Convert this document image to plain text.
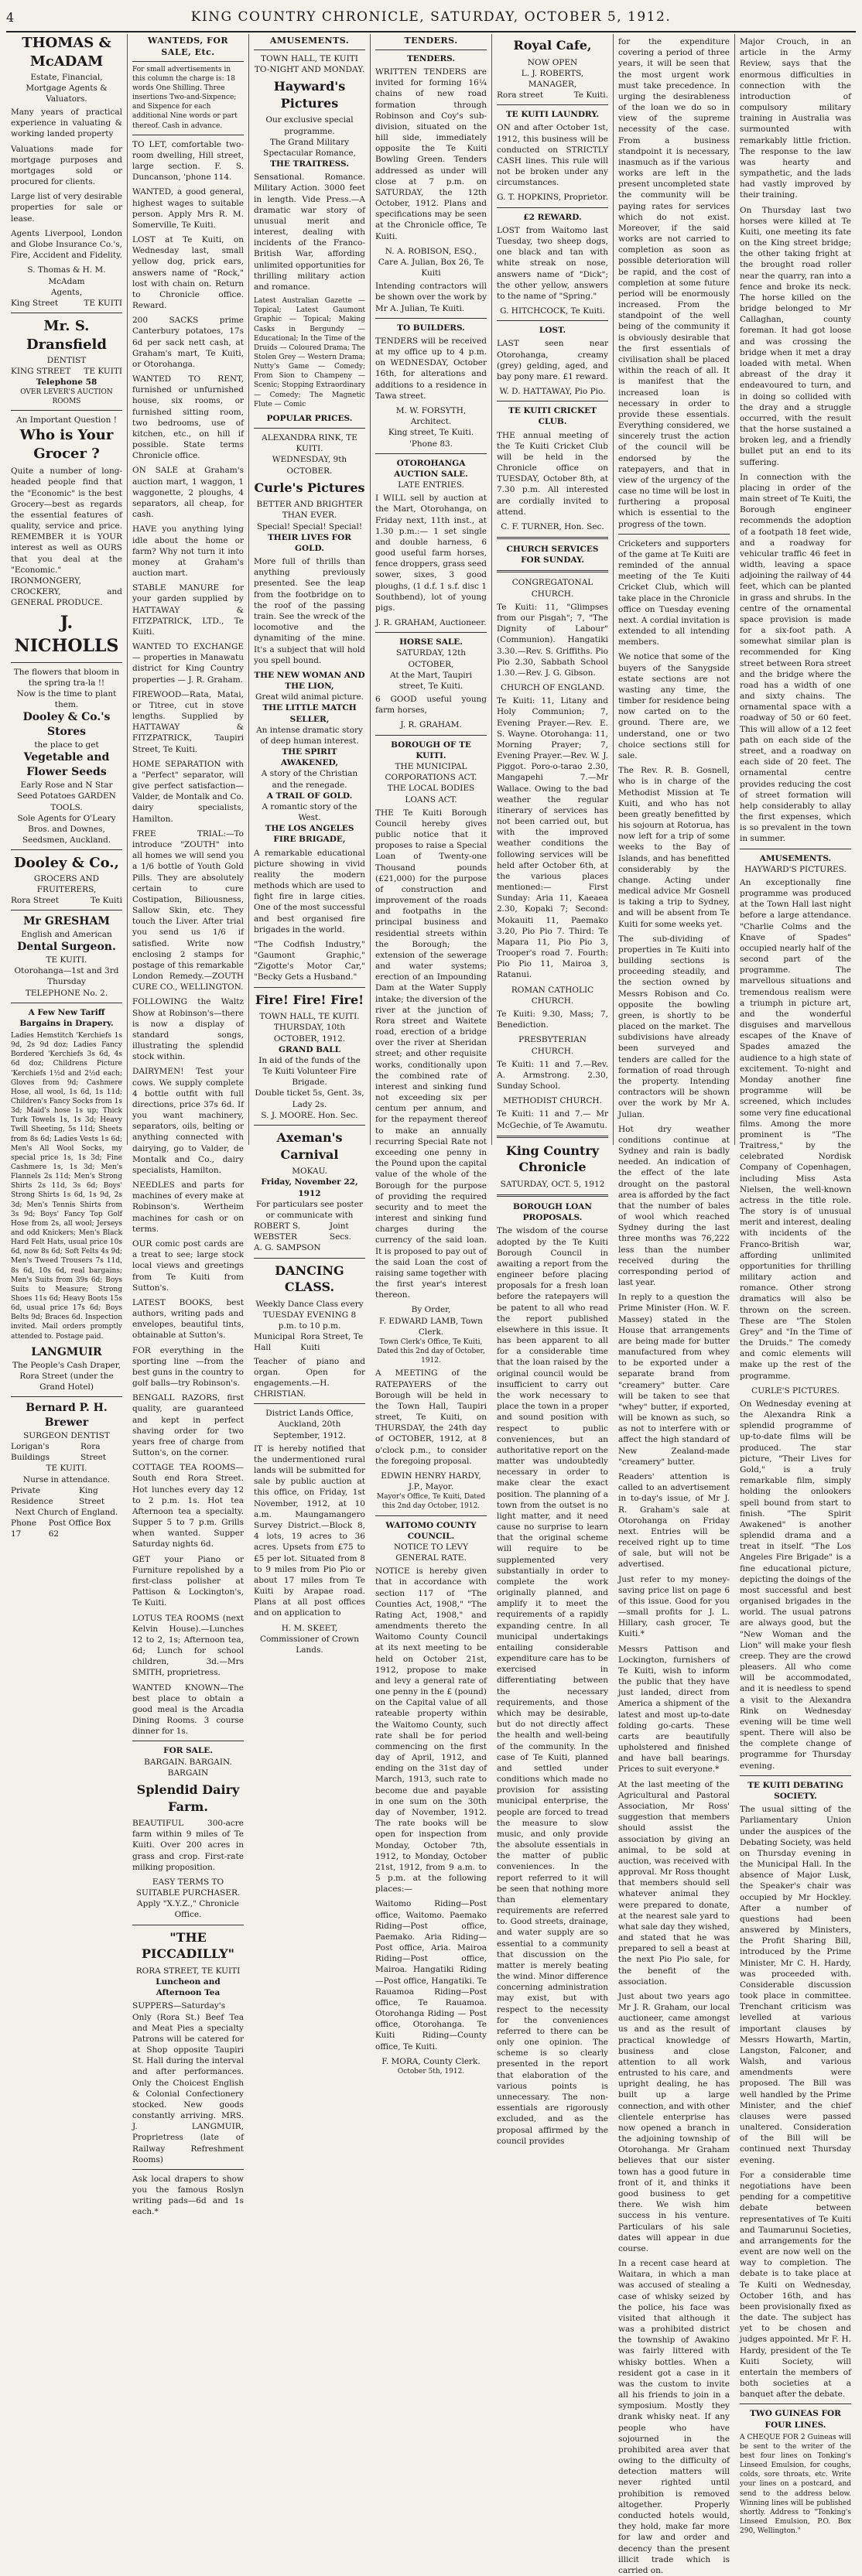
4	KING COUNTRY CHRONICLE, SATURDAY, OCTOBER 5, 1912.
THOMAS & McADAM
Estate, Financial, Mortgage Agents & Valuators.
Many years of practical experience in valuating & working landed property
Valuations made for mortgage purposes and mortgages sold or procured for clients.
Large list of very desirable properties for sale or lease.
Agents Liverpool, London and Globe Insurance Co.'s, Fire, Accident and Fidelity.
S. Thomas & H. M. McAdam
Agents,
King Street	TE KUITI
Mr. S. Dransfield
DENTIST
KING STREET TE KUITI
Telephone 58
OVER LEVER'S AUCTION ROOMS
An Important Question !
Who is Your Grocer ?
Quite a number of long-headed people find that the "Economic" is the best Grocery—best as regards the essential features of quality, service and price. REMEMBER it is YOUR interest as well as OURS that you deal at the "Economic." IRONMONGERY, CROCKERY, and GENERAL PRODUCE.
J. NICHOLLS
The flowers that bloom in the spring tra-la !!
Now is the time to plant them.
Dooley & Co.'s Stores
the place to get
Vegetable and Flower Seeds
Early Rose and N Star Seed Potatoes GARDEN TOOLS.
Sole Agents for O'Leary Bros. and Downes, Seedsmen, Auckland.
Dooley & Co.,
GROCERS AND FRUITERERS,
Rora Street	Te Kuiti
Mr GRESHAM
English and American
Dental Surgeon.
TE KUITI.
Otorohanga—1st and 3rd Thursday
TELEPHONE No. 2.
A Few New Tariff Bargains in Drapery.
Ladies Hemstitch 'Kerchiefs 1s 9d, 2s 9d doz; Ladies Fancy Bordered 'Kerchiefs 3s 6d, 4s 6d doz; Childrens Picture 'Kerchiefs 1½d and 2½d each; Gloves from 9d; Cashmere Hose, all wool, 1s 6d, 1s 11d; Children's Fancy Socks from 1s 3d; Maid's hose 1s up; Thick Turk Towels 1s, 1s 3d; Heavy Twill Sheeting, 5s 11d; Sheets from 8s 6d; Ladies Vests 1s 6d; Men's All Wool Socks, my special price 1s, 1s 3d; Fine Cashmere 1s, 1s 3d; Men's Flannels 2s 11d; Men's Strong Shirts 2s 11d, 3s 6d; Boys' Strong Shirts 1s 6d, 1s 9d, 2s 3d; Men's Tennis Shirts from 3s 9d; Boys' Fancy Top Golf Hose from 2s, all wool; Jerseys and odd Knickers; Men's Black Hard Felt Hats, usual price 10s 6d, now 8s 6d; Soft Felts 4s 9d; Men's Tweed Trousers 7s 11d, 8s 6d, 10s 6d, real bargains; Men's Suits from 39s 6d; Boys Suits to Measure; Strong Shoes 11s 6d; Heavy Boots 15s 6d, usual price 17s 6d; Boys Belts 9d; Braces 6d. Inspection invited. Mail orders promptly attended to. Postage paid.
LANGMUIR
The People's Cash Draper,
Rora Street (under the Grand Hotel)
Bernard P. H. Brewer
SURGEON DENTIST
Lorigan's Buildings
Rora Street
TE KUITI.
Nurse in attendance.
Private Residence
King Street
Next Church of England.
Phone 17
Post Office Box 62
WANTEDS, FOR SALE, Etc.
For small advertisements in this column the charge is: 18 words One Shilling. Three insertions Two-and-Sixpence; and Sixpence for each additional Nine words or part thereof. Cash in advance.
TO LET, comfortable two-room dwelling, Hill street, large section. F. S. Duncanson, 'phone 114.
WANTED, a good general, highest wages to suitable person. Apply Mrs R. M. Somerville, Te Kuiti.
LOST at Te Kuiti, on Wednesday last, small yellow dog, prick ears, answers name of "Rock," lost with chain on. Return to Chronicle office. Reward.
200 SACKS prime Canterbury potatoes, 17s 6d per sack nett cash, at Graham's mart, Te Kuiti, or Otorohanga.
WANTED TO RENT, furnished or unfurnished house, six rooms, or furnished sitting room, two bedrooms, use of kitchen, etc., on hill if possible. State terms Chronicle office.
ON SALE at Graham's auction mart, 1 waggon, 1 waggonette, 2 ploughs, 4 separators, all cheap, for cash.
HAVE you anything lying idle about the home or farm? Why not turn it into money at Graham's auction mart.
STABLE MANURE for your garden supplied by HATTAWAY & FITZPATRICK, LTD., Te Kuiti.
WANTED TO EXCHANGE — properties in Manawatu district for King Country properties — J. R. Graham.
FIREWOOD—Rata, Matai, or Titree, cut in stove lengths. Supplied by HATTAWAY & FITZPATRICK, Taupiri Street, Te Kuiti.
HOME SEPARATION with a "Perfect" separator, will give perfect satisfaction—Valder, de Montalk and Co. dairy specialists, Hamilton.
FREE TRIAL:—To introduce "ZOUTH" into all homes we will send you a 1/6 bottle of Youth Gold Pills. They are absolutely certain to cure Costipation, Biliousness, Sallow Skin, etc. They touch the Liver. After trial you send us 1/6 if satisfied. Write now enclosing 2 stamps for postage of this remarkable London Remedy.—ZOUTH CURE CO., WELLINGTON.
FOLLOWING the Waltz Show at Robinson's—there is now a display of standard songs, illustrating the splendid stock within.
DAIRYMEN! Test your cows. We supply complete 4 bottle outfit with full directions, price 37s 6d. If you want machinery, separators, oils, belting or anything connected with dairying, go to Valder, de Montalk and Co., dairy specialists, Hamilton.
NEEDLES and parts for machines of every make at Robinson's. Wertheim machines for cash or on terms.
OUR comic post cards are a treat to see; large stock local views and greetings from Te Kuiti from Sutton's.
LATEST BOOKS, best authors, writing pads and envelopes, beautiful tints, obtainable at Sutton's.
FOR everything in the sporting line —from the best guns in the country to golf balls—try Robinson's.
BENGALL RAZORS, first quality, are guaranteed and kept in perfect shaving order for two years free of charge from Sutton's, on the corner.
COTTAGE TEA ROOMS—South end Rora Street. Hot lunches every day 12 to 2 p.m. 1s. Hot tea Afternoon tea a specialty. Supper 5 to 7 p.m. Grills when wanted. Supper Saturday nights 6d.
GET your Piano or Furniture repolished by a first-class polisher at Pattison & Lockington's, Te Kuiti.
LOTUS TEA ROOMS (next Kelvin House).—Lunches 12 to 2, 1s; Afternoon tea, 6d; Lunch for school children, 3d.—Mrs SMITH, proprietress.
WANTED KNOWN—The best place to obtain a good meal is the Arcadia Dining Rooms. 3 course dinner for 1s.
FOR SALE.
BARGAIN. BARGAIN. BARGAIN
Splendid Dairy Farm.
BEAUTIFUL 300-acre farm within 9 miles of Te Kuiti. Over 200 acres in grass and crop. First-rate milking proposition.
EASY TERMS TO SUITABLE PURCHASER.
Apply "X.Y.Z.," Chronicle Office.
"THE PICCADILLY"
RORA STREET, TE KUITI
Luncheon and Afternoon Tea
SUPPERS—Saturday's Only (Rora St.) Beef Tea and Meat Pies a specialty Patrons will be catered for at Shop opposite Taupiri St. Hall during the interval and after performances. Only the Choicest English & Colonial Confectionery stocked. New goods constantly arriving. MRS. J. LANGMUIR, Proprietress (late of Railway Refreshment Rooms)
Ask local drapers to show you the famous Roslyn writing pads—6d and 1s each.*
AMUSEMENTS.
TOWN HALL, TE KUITI
TO-NIGHT AND MONDAY.
Hayward's Pictures
Our exclusive special programme.
The Grand Military Spectacular Romance,
THE TRAITRESS.
Sensational. Romance. Military Action. 3000 feet in length. Vide Press.—A dramatic war story of unusual merit and interest, dealing with incidents of the Franco-British War, affording unlimited opportunities for thrilling military action and romance.
Latest Australian Gazette — Topical; Latest Gaumont Graphic — Topical; Making Casks in Bergundy — Educational; In the Time of the Druids — Coloured Drama; The Stolen Grey — Western Drama; Nutty's Game — Comedy; From Sion to Champeny — Scenic; Stopping Extraordinary — Comedy; The Magnetic Flute — Comic
POPULAR PRICES.
ALEXANDRA RINK, TE KUITI.
WEDNESDAY, 9th OCTOBER.
Curle's Pictures
BETTER AND BRIGHTER THAN EVER.
Special! Special! Special!
THEIR LIVES FOR GOLD.
More full of thrills than anything previously presented. See the leap from the footbridge on to the roof of the passing train. See the wreck of the locomotive and the dynamiting of the mine. It's a subject that will hold you spell bound.
THE NEW WOMAN AND THE LION,
Great wild animal picture.
THE LITTLE MATCH SELLER,
An intense dramatic story of deep human interest.
THE SPIRIT AWAKENED,
A story of the Christian and the renegade.
A TRAIL OF GOLD.
A romantic story of the West.
THE LOS ANGELES FIRE BRIGADE,
A remarkable educational picture showing in vivid reality the modern methods which are used to fight fire in large cities. One of the most successful and best organised fire brigades in the world.
"The Codfish Industry," "Gaumont Graphic," "Zigotte's Motor Car," "Becky Gets a Husband."
Fire! Fire! Fire!
TOWN HALL, TE KUITI.
THURSDAY, 10th OCTOBER, 1912.
GRAND BALL
In aid of the funds of the Te Kuiti Volunteer Fire Brigade.
Double ticket 5s, Gent. 3s, Lady 2s.
S. J. MOORE. Hon. Sec.
Axeman's Carnival
MOKAU.
Friday, November 22, 1912
For particulars see poster or communicate with
ROBERT S. WEBSTER
A. G. SAMPSON
Joint Secs.
DANCING CLASS.
Weekly Dance Class every TUESDAY EVENING 8 p.m. to 10 p.m.
Municipal Hall
Rora Street, Te Kuiti
Teacher of piano and organ. Open for engagements.—H. CHRISTIAN.
District Lands Office, Auckland, 20th September, 1912.
IT is hereby notified that the undermentioned rural lands will be submitted for sale by public auction at this office, on Friday, 1st November, 1912, at 10 a.m. Maungamangero Survey District.—Block 8, 4 lots, 19 acres to 36 acres. Upsets from £75 to £5 per lot. Situated from 8 to 9 miles from Pio Pio or about 17 miles from Te Kuiti by Arapae road. Plans at all post offices and on application to
H. M. SKEET, Commissioner of Crown Lands.
TENDERS.
TENDERS.
WRITTEN TENDERS are invited for forming 16¼ chains of new road formation through Robinson and Coy's sub-division, situated on the hill side, immediately opposite the Te Kuiti Bowling Green. Tenders addressed as under will close at 7 p.m. on SATURDAY, the 12th October, 1912. Plans and specifications may be seen at the Chronicle office, Te Kuiti.
N. A. ROBISON, ESQ., Care A. Julian, Box 26, Te Kuiti
Intending contractors will be shown over the work by Mr A. Julian, Te Kuiti.
TO BUILDERS.
TENDERS will be received at my office up to 4 p.m. on WEDNESDAY, October 16th, for alterations and additions to a residence in Tawa street.
M. W. FORSYTH, Architect.
King street, Te Kuiti. 'Phone 83.
OTOROHANGA AUCTION SALE.
LATE ENTRIES.
I WILL sell by auction at the Mart, Otorohanga, on Friday next, 11th inst., at 1.30 p.m.:— 1 set single and double harness, 6 good useful farm horses, fence droppers, grass seed sower, sixes, 3 good ploughs, (1 d.f. 1 s.f. disc 1 Southbend), lot of young pigs.
J. R. GRAHAM, Auctioneer.
HORSE SALE.
SATURDAY, 12th OCTOBER,
At the Mart, Taupiri street, Te Kuiti.
6 GOOD useful young farm horses,
J. R. GRAHAM.
BOROUGH OF TE KUITI.
THE MUNICIPAL CORPORATIONS ACT.
THE LOCAL BODIES LOANS ACT.
THE Te Kuiti Borough Council hereby gives public notice that it proposes to raise a Special Loan of Twenty-one Thousand pounds (£21,000) for the purpose of construction and improvement of the roads and footpaths in the principal business and residential streets within the Borough; the extension of the sewerage and water systems; erection of an Impounding Dam at the Water Supply intake; the diversion of the river at the junction of Rora street and Waitete road, erection of a bridge over the river at Sheridan street; and other requisite works, conditionally upon the combined rate of interest and sinking fund not exceeding six per centum per annum, and for the repayment thereof to make an annually recurring Special Rate not exceeding one penny in the Pound upon the capital value of the whole of the Borough for the purpose of providing the required security and to meet the interest and sinking fund charges during the currency of the said loan. It is proposed to pay out of the said Loan the cost of raising same together with the first year's interest thereon.
By Order,
F. EDWARD LAMB, Town Clerk.
Town Clerk's Office, Te Kuiti, Dated this 2nd day of October, 1912.
A MEETING of the RATEPAYERS of the Borough will be held in the Town Hall, Taupiri street, Te Kuiti, on THURSDAY, the 24th day of OCTOBER, 1912, at 8 o'clock p.m., to consider the foregoing proposal.
EDWIN HENRY HARDY, J.P., Mayor.
Mayor's Office, Te Kuiti, Dated this 2nd day October, 1912.
WAITOMO COUNTY COUNCIL.
NOTICE TO LEVY GENERAL RATE.
NOTICE is hereby given that in accordance with section 117 of "The Counties Act, 1908," "The Rating Act, 1908," and amendments thereto the Waitomo County Council at its next meeting to be held on October 21st, 1912, propose to make and levy a general rate of one penny in the £ (pound) on the Capital value of all rateable property within the Waitomo County, such rate shall be for period commencing on the first day of April, 1912, and ending on the 31st day of March, 1913, such rate to become due and payable in one sum on the 30th day of November, 1912. The rate books will be open for inspection from Monday, October 7th, 1912, to Monday, October 21st, 1912, from 9 a.m. to 5 p.m. at the following places:—
Waitomo Riding—Post office, Waitomo. Paemako Riding—Post office, Paemako. Aria Riding—Post office, Aria. Mairoa Riding—Post office, Mairoa. Hangatiki Riding—Post office, Hangatiki. Te Rauamoa Riding—Post office, Te Rauamoa. Otorohanga Riding — Post office, Otorohanga. Te Kuiti Riding—County office, Te Kuiti.
F. MORA, County Clerk.
October 5th, 1912.
Royal Cafe,
NOW OPEN
L. J. ROBERTS, MANAGER,
Rora street	Te Kuiti.
TE KUITI LAUNDRY.
ON and after October 1st, 1912, this business will be conducted on STRICTLY CASH lines. This rule will not be broken under any circumstances.
G. T. HOPKINS, Proprietor.
£2 REWARD.
LOST from Waitomo last Tuesday, two sheep dogs, one black and tan with white streak on nose, answers name of "Dick"; the other yellow, answers to the name of "Spring."
G. HITCHCOCK, Te Kuiti.
LOST.
LAST seen near Otorohanga, creamy (grey) gelding, aged, and bay pony mare. £1 reward.
W. D. HATTAWAY, Pio Pio.
TE KUITI CRICKET CLUB.
THE annual meeting of the Te Kuiti Cricket Club will be held in the Chronicle office on TUESDAY, October 8th, at 7.30 p.m. All interested are cordially invited to attend.
C. F. TURNER, Hon. Sec.
CHURCH SERVICES FOR SUNDAY.
CONGREGATONAL CHURCH.
Te Kuiti: 11, "Glimpses from our Pisgah"; 7, "The Dignity of Labour" (Communion). Hangatiki 3.30.—Rev. S. Griffiths. Pio Pio 2.30, Sabbath School 1.30.—Rev. J. G. Gibson.
CHURCH OF ENGLAND.
Te Kuiti: 11, Litany and Holy Communion; 7, Evening Prayer.—Rev. E. S. Wayne. Otorohanga: 11, Morning Prayer; 7, Evening Prayer.—Rev. W. J. Piggot. Poro-o-tarao 2.30, Mangapehi 7.—Mr Wallace. Owing to the bad weather the regular itinerary of services has not been carried out, but with the improved weather conditions the following services will be held after October 6th, at the various places mentioned:— First Sunday: Aria 11, Kaeaea 2.30, Kopaki 7; Second: Mokauiti 11, Paemako 3.20, Pio Pio 7. Third: Te Mapara 11, Pio Pio 3, Trooper's road 7. Fourth: Pio Pio 11, Mairoa 3, Ratanui.
ROMAN CATHOLIC CHURCH.
Te Kuiti: 9.30, Mass; 7, Benediction.
PRESBYTERIAN CHURCH.
Te Kuiti: 11 and 7.—Rev. A. Armstrong. 2.30, Sunday School.
METHODIST CHURCH.
Te Kuiti: 11 and 7.— Mr McGechie, of Te Awamutu.
King Country Chronicle
SATURDAY, OCT. 5, 1912
BOROUGH LOAN PROPOSALS.
The wisdom of the course adopted by the Te Kuiti Borough Council in awaiting a report from the engineer before placing proposals for a fresh loan before the ratepayers will be patent to all who read the report published elsewhere in this issue. It has been apparent to all for a considerable time that the loan raised by the original council would be insufficient to carry out the work necessary to place the town in a proper and sound position with respect to public conveniences, but an authoritative report on the matter was undoubtedly necessary in order to make clear the exact position. The planning of a town from the outset is no light matter, and it need cause no surprise to learn that the original scheme will require to be supplemented very substantially in order to complete the work originally planned, and amplify it to meet the requirements of a rapidly expanding centre. In all municipal undertakings entailing considerable expenditure care has to be exercised in differentiating between the necessary requirements, and those which may be desirable, but do not directly affect the health and well-being of the community. In the case of Te Kuiti, planned and settled under conditions which made no provision for assisting municipal enterprise, the people are forced to tread the measure to slow music, and only provide the absolute essentials in the matter of public conveniences. In the report referred to it will be seen that nothing more than elementary requirements are referred to. Good streets, drainage, and water supply are so essential to a community that discussion on the matter is merely beating the wind. Minor difference concerning administration may exist, but with respect to the necessity for the conveniences referred to there can be only one opinion. The scheme is so clearly presented in the report that elaboration of the various points is unnecessary. The non-essentials are rigorously excluded, and as the proposal affirmed by the council provides
for the expenditure covering a period of three years, it will be seen that the most urgent work must take precedence. In urging the desirableness of the loan we do so in view of the supreme necessity of the case. From a business standpoint it is necessary, inasmuch as if the various works are left in the present uncompleted state the community will be paying rates for services which do not exist. Moreover, if the said works are not carried to completion as soon as possible deterioration will be rapid, and the cost of completion at some future period will be enormously increased. From the standpoint of the well being of the community it is obviously desirable that the first essentials of civilisation shall be placed within the reach of all. It is manifest that the increased loan is necessary in order to provide these essentials. Everything considered, we sincerely trust the action of the council will be endorsed by the ratepayers, and that in view of the urgency of the case no time will be lost in furthering a proposal which is essential to the progress of the town.
Cricketers and supporters of the game at Te Kuiti are reminded of the annual meeting of the Te Kuiti Cricket Club, which will take place in the Chronicle office on Tuesday evening next. A cordial invitation is extended to all intending members.
We notice that some of the buyers of the Sanygside estate sections are not wasting any time, the timber for residence being now carted on to the ground. There are, we understand, one or two choice sections still for sale.
The Rev. R. B. Gosnell, who is in charge of the Methodist Mission at Te Kuiti, and who has not been greatly benefitted by his sojourn at Rotorua, has now left for a trip of some weeks to the Bay of Islands, and has benefitted considerably by the change. Acting under medical advice Mr Gosnell is taking a trip to Sydney, and will be absent from Te Kuiti for some weeks yet.
The sub-dividing of properties in Te Kuiti into building sections is proceeding steadily, and the section owned by Messrs Robison and Co. opposite the bowling green, is shortly to be placed on the market. The subdivisions have already been surveyed and tenders are called for the formation of road through the property. Intending contractors will be shown over the work by Mr A. Julian.
Hot dry weather conditions continue at Sydney and rain is badly needed. An indication of the effect of the late drought on the pastoral area is afforded by the fact that the number of bales of wool which reached Sydney during the last three months was 76,222 less than the number received during the corresponding period of last year.
In reply to a question the Prime Minister (Hon. W. F. Massey) stated in the House that arrangements are being made for butter manufactured from whey to be exported under a separate brand from "creamery" butter. Care will be taken to see that "whey" butter, if exported, will be known as such, so as not to interfere with or affect the high standard of New Zealand-made "creamery" butter.
Readers' attention is called to an advertisement in to-day's issue, of Mr J. R. Graham's sale at Otorohanga on Friday next. Entries will be received right up to time of sale, but will not be advertised.
Just refer to my money-saving price list on page 6 of this issue. Good for you—small profits for J. L. Hillary, cash grocer, Te Kuiti.*
Messrs Pattison and Lockington, furnishers of Te Kuiti, wish to inform the public that they have just landed, direct from America a shipment of the latest and most up-to-date folding go-carts. These carts are beautifully upholstered and finished and have ball bearings. Prices to suit everyone.*
At the last meeting of the Agricultural and Pastoral Association, Mr Ross' suggestion that members should assist the association by giving an animal, to be sold at auction, was received with approval. Mr Ross thought that members should sell whatever animal they were prepared to donate, at the nearest sale yard to what sale day they wished, and stated that he was prepared to sell a beast at the next Pio Pio sale, for the benefit of the association.
Just about two years ago Mr J. R. Graham, our local auctioneer, came amongst us and as the result of practical knowledge of business and close attention to all work entrusted to his care, and upright dealing, he has built up a large connection, and with other clientele enterprise has now opened a branch in the adjoining township of Otorohanga. Mr Graham believes that our sister town has a good future in front of it, and thinks it good business to get there. We wish him success in his venture. Particulars of his sale dates will appear in due course.
In a recent case heard at Waitara, in which a man was accused of stealing a case of whisky seized by the police, his face was visited that although it was a prohibited district the township of Awakino was fairly littered with whisky bottles. When a resident got a case in it was the custom to invite all his friends to join in a symposium. Mostly they drank whisky neat. If any people who have sojourned in the prohibited area aver that owing to the difficulty of detection matters will never righted until prohibition is removed altogether. Properly conducted hotels would, they hold, make far more for law and order and decency than the present illicit trade which is carried on.
Major Crouch, in an article in the Army Review, says that the enormous difficulties in connection with the introduction of compulsory military training in Australia was surmounted with remarkably little friction. The response to the law was hearty and sympathetic, and the lads had vastly improved by their training.
On Thursday last two horses were killed at Te Kuiti, one meeting its fate on the King street bridge; the other taking fright at the brought road roller near the quarry, ran into a fence and broke its neck. The horse killed on the bridge belonged to Mr Callaghan, county foreman. It had got loose and was crossing the bridge when it met a dray loaded with metal. When abreast of the dray it endeavoured to turn, and in doing so collided with the dray and a struggle occurred, with the result that the horse sustained a broken leg, and a friendly bullet put an end to its suffering.
In connection with the placing in order of the main street of Te Kuiti, the Borough engineer recommends the adoption of a footpath 18 feet wide, and a roadway for vehicular traffic 46 feet in width, leaving a space adjoining the railway of 44 feet, which can be planted in grass and shrubs. In the centre of the ornamental space provision is made for a six-foot path. A somewhat similar plan is recommended for King street between Rora street and the bridge where the road has a width of one and sixty chains. The ornamental space with a roadway of 50 or 60 feet. This will allow of a 12 feet path on each side of the street, and a roadway on each side of 20 feet. The ornamental centre provides reducing the cost of street formation will help considerably to allay the first expenses, which is so prevalent in the town in summer.
AMUSEMENTS.
HAYWARD'S PICTURES.
An exceptionally fine programme was produced at the Town Hall last night before a large attendance. "Charlie Colms and the Knave of Spades" occupied nearly half of the second part of the programme. The marvellous situations and tremendous realism were a triumph in picture art, and the wonderful disguises and marvellous escapes of the Knave of Spades amazed the audience to a high state of excitement. To-night and Monday another fine programme will be screened, which includes some very fine educational films. Among the more prominent is "The Traitress," by the celebrated Nordisk Company of Copenhagen, including Miss Asta Nielsen, the well-known actress in the title role. The story is of unusual merit and interest, dealing with incidents of the Franco-British war, affording unlimited opportunities for thrilling military action and romance. Other strong dramatics will also be thrown on the screen. These are "The Stolen Grey" and "In the Time of the Druids." The comedy and comic elements will make up the rest of the programme.
CURLE'S PICTURES.
On Wednesday evening at the Alexandra Rink a splendid programme of up-to-date films will be produced. The star picture, "Their Lives for Gold," is a truly remarkable film, simply holding the onlookers spell bound from start to finish. "The Spirit Awakened" is another splendid drama and a treat in itself. "The Los Angeles Fire Brigade" is a fine educational picture, depicting the doings of the most successful and best organised brigades in the world. The usual patrons are always good, but the "New Woman and the Lion" will make your flesh creep. They are the crowd pleasers. All who come will be accommodated, and it is needless to spend a visit to the Alexandra Rink on Wednesday evening will be time well spent. There will also be the complete change of programme for Thursday evening.
TE KUITI DEBATING SOCIETY.
The usual sitting of the Parliamentary Union under the auspices of the Debating Society, was held on Thursday evening in the Municipal Hall. In the absence of Major Lusk, the Speaker's chair was occupied by Mr Hockley. After a number of questions had been answered by Ministers, the Profit Sharing Bill, introduced by the Prime Minister, Mr C. H. Hardy, was proceeded with. Considerable discussion took place in committee. Trenchant criticism was levelled at various important clauses by Messrs Howarth, Martin, Langston, Falconer, and Walsh, and various amendments were proposed. The Bill was well handled by the Prime Minister, and the chief clauses were passed unaltered. Consideration of the Bill will be continued next Thursday evening.
For a considerable time negotiations have been pending for a competitive debate between representatives of Te Kuiti and Taumarunui Societies, and arrangements for the event are now well on the way to completion. The debate is to take place at Te Kuiti on Wednesday, October 16th, and has been provisionally fixed as the date. The subject has yet to be chosen and judges appointed. Mr F. H. Hardy, president of the Te Kuiti Society, will entertain the members of both societies at a banquet after the debate.
TWO GUINEAS FOR FOUR LINES.
A CHEQUE FOR 2 Guineas will be sent to the writer of the best four lines on Tonking's Linseed Emulsion, for coughs, colds, sore throats, etc. Write your lines on a postcard, and send to the address below. Winning lines will be published shortly. Address to "Tonking's Linseed Emulsion, P.O. Box 290, Wellington."
